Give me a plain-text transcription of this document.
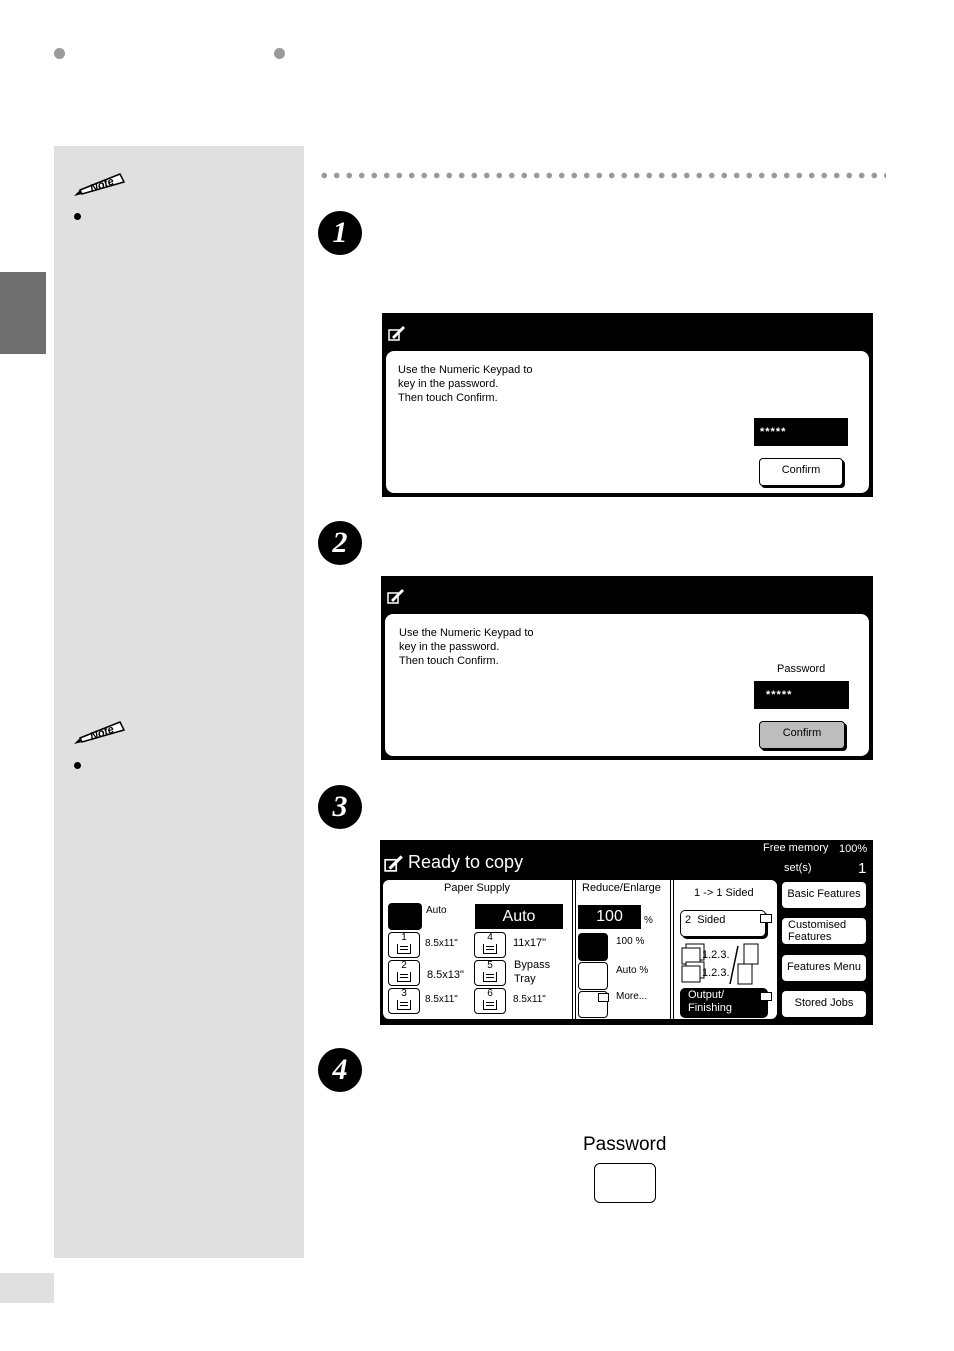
Note
Note
1
2
3
4
Use the Numeric Keypad to
key in the password.
Then touch Confirm.
*****
Confirm
Use the Numeric Keypad to
key in the password.
Then touch Confirm.
Password
*****
Confirm
Ready to copy
Free memory 100%
set(s)	1
Paper Supply
Auto	Auto
1
8.5x11"
2
8.5x13"
3
8.5x11"
4	11x17"
5	Bypass
Tray
6
8.5x11"
Reduce/Enlarge
100	%
100 %
Auto %
More...
1 -> 1 Sided
2  Sided
1.2.3.
1.2.3.
Output/
Finishing
Basic Features
Customised
Features
Features Menu
Stored Jobs
Password
